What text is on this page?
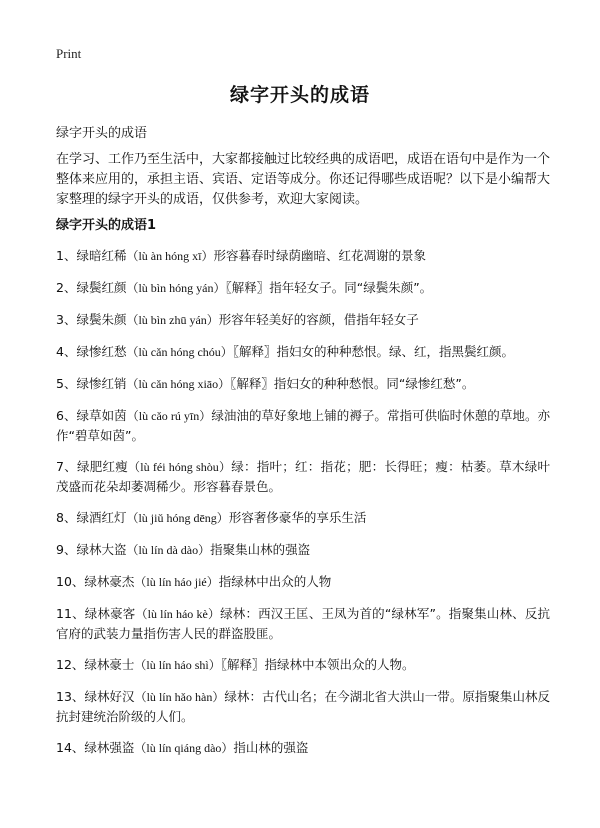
Print
绿字开头的成语
绿字开头的成语
在学习、工作乃至生活中，大家都接触过比较经典的成语吧，成语在语句中是作为一个整体来应用的，承担主语、宾语、定语等成分。你还记得哪些成语呢？以下是小编帮大家整理的绿字开头的成语，仅供参考，欢迎大家阅读。
绿字开头的成语1
1、绿暗红稀（lù àn hóng xī）形容暮春时绿荫幽暗、红花凋谢的景象
2、绿鬓红颜（lù bìn hóng yán）〖解释〗指年轻女子。同“绿鬓朱颜”。
3、绿鬓朱颜（lù bìn zhū yán）形容年轻美好的容颜，借指年轻女子
4、绿惨红愁（lù cǎn hóng chóu）〖解释〗指妇女的种种愁恨。绿、红，指黑鬓红颜。
5、绿惨红销（lù cǎn hóng xiāo）〖解释〗指妇女的种种愁恨。同“绿惨红愁”。
6、绿草如茵（lù cǎo rú yīn）绿油油的草好象地上铺的褥子。常指可供临时休憩的草地。亦作“碧草如茵”。
7、绿肥红瘦（lù féi hóng shòu）绿：指叶；红：指花；肥：长得旺；瘦：枯萎。草木绿叶茂盛而花朵却萎凋稀少。形容暮春景色。
8、绿酒红灯（lù jiǔ hóng dēng）形容奢侈豪华的享乐生活
9、绿林大盗（lù lín dà dào）指聚集山林的强盗
10、绿林豪杰（lù lín háo jié）指绿林中出众的人物
11、绿林豪客（lù lín háo kè）绿林：西汉王匡、王凤为首的“绿林军”。指聚集山林、反抗官府的武装力量指伤害人民的群盗股匪。
12、绿林豪士（lù lín háo shì）〖解释〗指绿林中本领出众的人物。
13、绿林好汉（lù lín hǎo hàn）绿林：古代山名；在今湖北省大洪山一带。原指聚集山林反抗封建统治阶级的人们。
14、绿林强盗（lù lín qiáng dào）指山林的强盗
